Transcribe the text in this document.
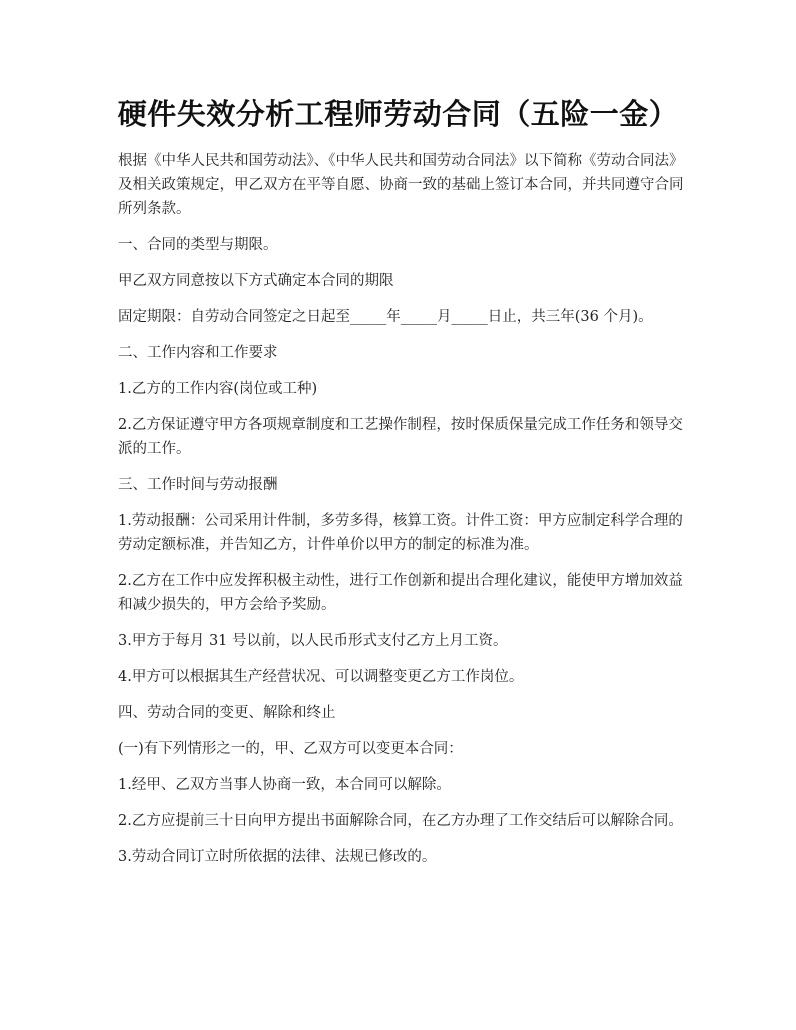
硬件失效分析工程师劳动合同（五险一金）

根据《中华人民共和国劳动法》、《中华人民共和国劳动合同法》以下简称《劳动合同法》及相关政策规定，甲乙双方在平等自愿、协商一致的基础上签订本合同，并共同遵守合同所列条款。

一、合同的类型与期限。

甲乙双方同意按以下方式确定本合同的期限

固定期限：自劳动合同签定之日起至_____年_____月_____日止，共三年(36 个月)。

二、工作内容和工作要求

1.乙方的工作内容(岗位或工种)

2.乙方保证遵守甲方各项规章制度和工艺操作制程，按时保质保量完成工作任务和领导交派的工作。

三、工作时间与劳动报酬

1.劳动报酬：公司采用计件制，多劳多得，核算工资。计件工资：甲方应制定科学合理的劳动定额标准，并告知乙方，计件单价以甲方的制定的标准为准。

2.乙方在工作中应发挥积极主动性，进行工作创新和提出合理化建议，能使甲方增加效益和减少损失的，甲方会给予奖励。

3.甲方于每月 31 号以前，以人民币形式支付乙方上月工资。

4.甲方可以根据其生产经营状况、可以调整变更乙方工作岗位。

四、劳动合同的变更、解除和终止

(一)有下列情形之一的，甲、乙双方可以变更本合同：

1.经甲、乙双方当事人协商一致，本合同可以解除。

2.乙方应提前三十日向甲方提出书面解除合同，在乙方办理了工作交结后可以解除合同。

3.劳动合同订立时所依据的法律、法规已修改的。
